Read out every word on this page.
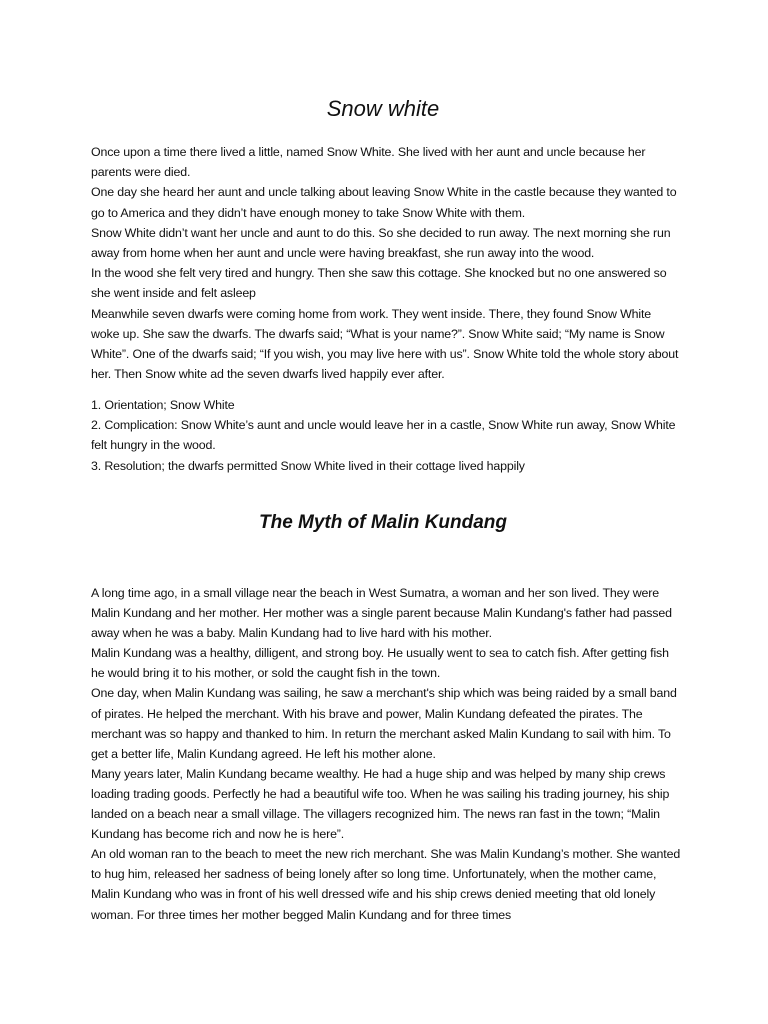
Snow white

Once upon a time there lived a little, named Snow White. She lived with her aunt and uncle because her parents were died.

One day she heard her aunt and uncle talking about leaving Snow White in the castle because they wanted to go to America and they didn’t have enough money to take Snow White with them.

Snow White didn’t want her uncle and aunt to do this. So she decided to run away. The next morning she run away from home when her aunt and uncle were having breakfast, she run away into the wood.

In the wood she felt very tired and hungry. Then she saw this cottage. She knocked but no one answered so she went inside and felt asleep

Meanwhile seven dwarfs were coming home from work. They went inside. There, they found Snow White woke up. She saw the dwarfs. The dwarfs said; “What is your name?”. Snow White said; “My name is Snow White”. One of the dwarfs said; “If you wish, you may live here with us”. Snow White told the whole story about her. Then Snow white ad the seven dwarfs lived happily ever after.

1. Orientation; Snow White

2. Complication: Snow White’s aunt and uncle would leave her in a castle, Snow White run away, Snow White felt hungry in the wood.

3. Resolution; the dwarfs permitted Snow White lived in their cottage lived happily

The Myth of Malin Kundang

A long time ago, in a small village near the beach in West Sumatra, a woman and her son lived. They were Malin Kundang and her mother. Her mother was a single parent because Malin Kundang's father had passed away when he was a baby. Malin Kundang had to live hard with his mother.

Malin Kundang was a healthy, dilligent, and strong boy. He usually went to sea to catch fish. After getting fish he would bring it to his mother, or sold the caught fish in the town.

One day, when Malin Kundang was sailing, he saw a merchant's ship which was being raided by a small band of pirates. He helped the merchant. With his brave and power, Malin Kundang defeated the pirates. The merchant was so happy and thanked to him. In return the merchant asked Malin Kundang to sail with him. To get a better life, Malin Kundang agreed. He left his mother alone.

Many years later, Malin Kundang became wealthy. He had a huge ship and was helped by many ship crews loading trading goods. Perfectly he had a beautiful wife too. When he was sailing his trading journey, his ship landed on a beach near a small village. The villagers recognized him. The news ran fast in the town; “Malin Kundang has become rich and now he is here”.

An old woman ran to the beach to meet the new rich merchant. She was Malin Kundang’s mother. She wanted to hug him, released her sadness of being lonely after so long time. Unfortunately, when the mother came, Malin Kundang who was in front of his well dressed wife and his ship crews denied meeting that old lonely woman. For three times her mother begged Malin Kundang and for three times
